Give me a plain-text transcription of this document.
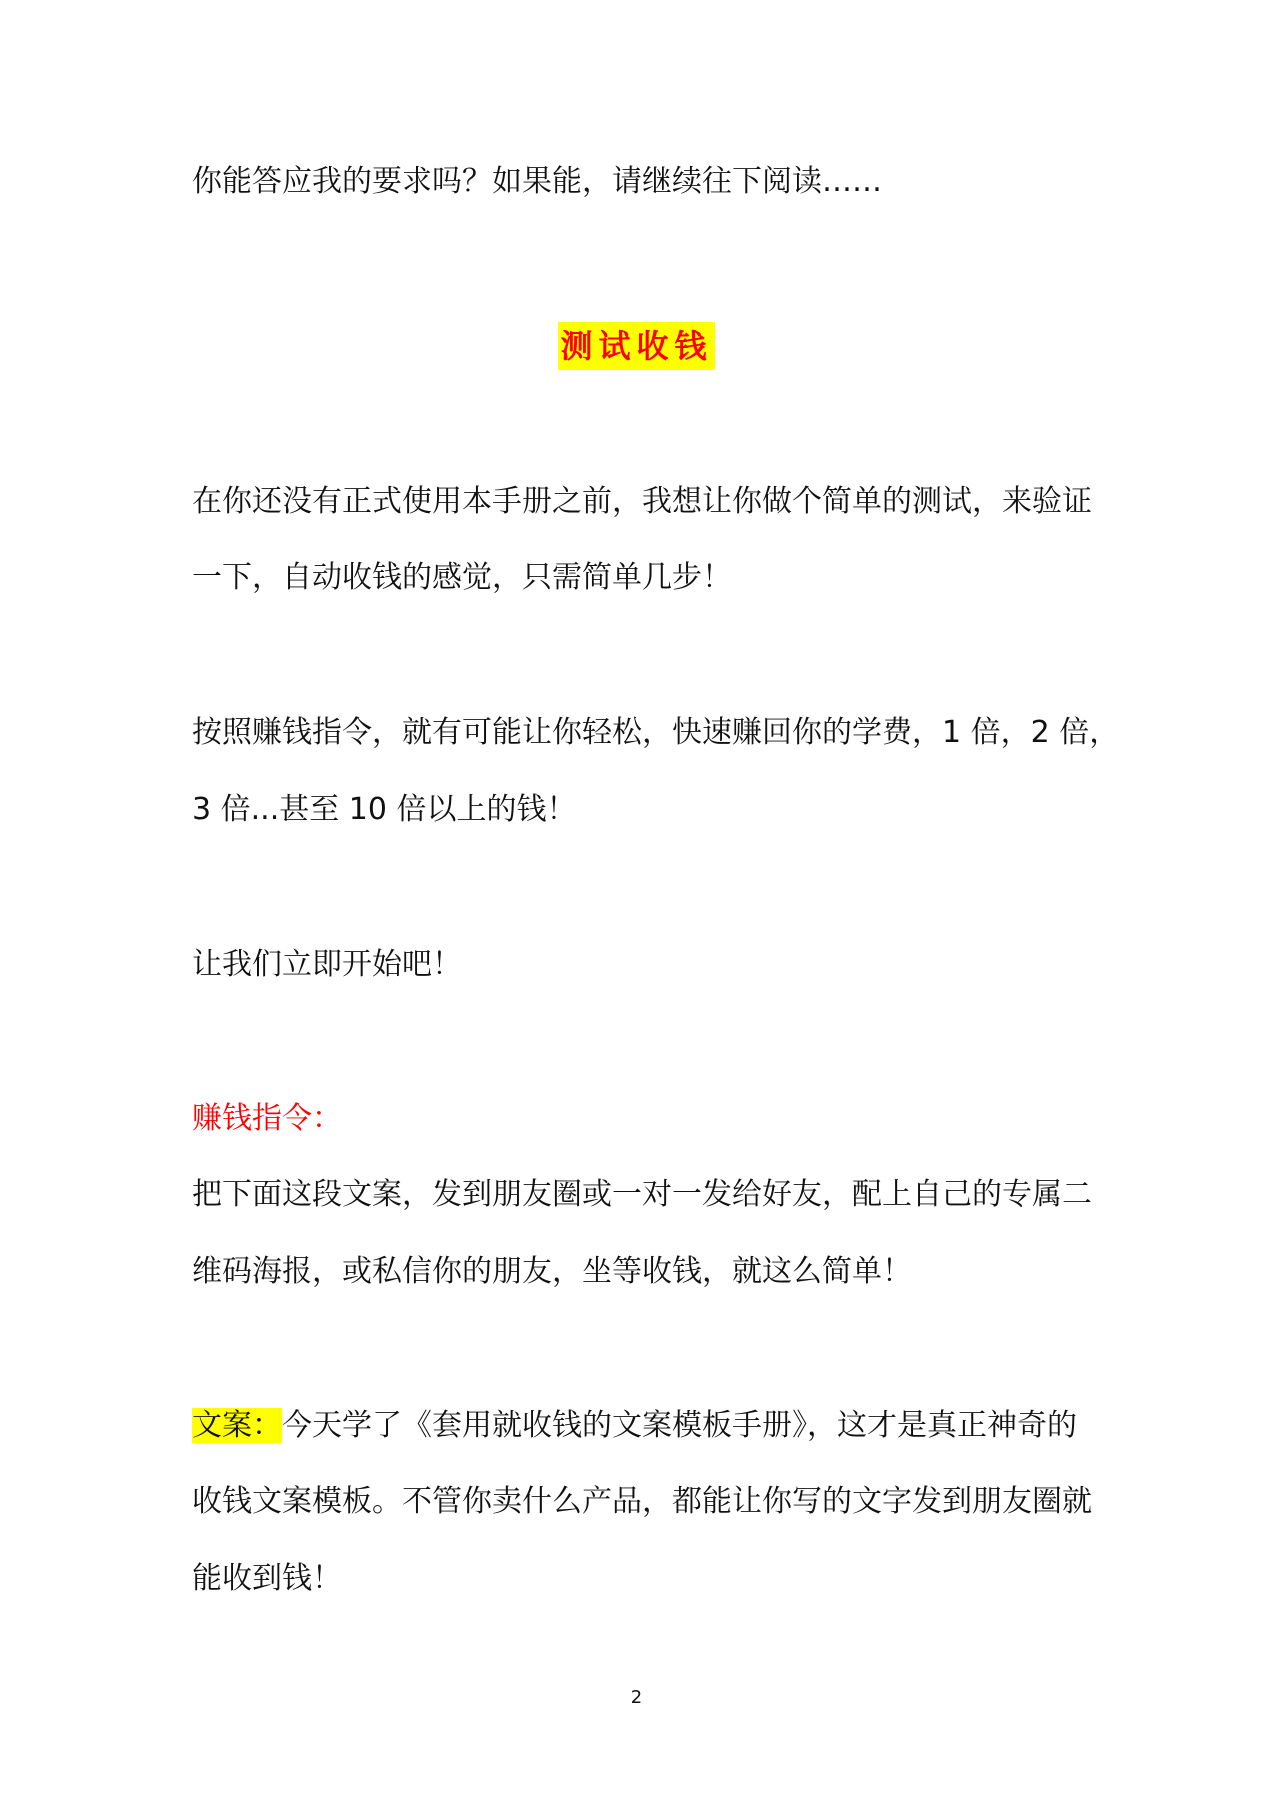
你能答应我的要求吗？如果能，请继续往下阅读……
测试收钱
在你还没有正式使用本手册之前，我想让你做个简单的测试，来验证
一下，自动收钱的感觉，只需简单几步！
按照赚钱指令，就有可能让你轻松，快速赚回你的学费，1 倍，2 倍，
3 倍...甚至 10 倍以上的钱！
让我们立即开始吧！
赚钱指令：
把下面这段文案，发到朋友圈或一对一发给好友，配上自己的专属二
维码海报，或私信你的朋友，坐等收钱，就这么简单！
文案：今天学了《套用就收钱的文案模板手册》，这才是真正神奇的
收钱文案模板。不管你卖什么产品，都能让你写的文字发到朋友圈就
能收到钱！
2
